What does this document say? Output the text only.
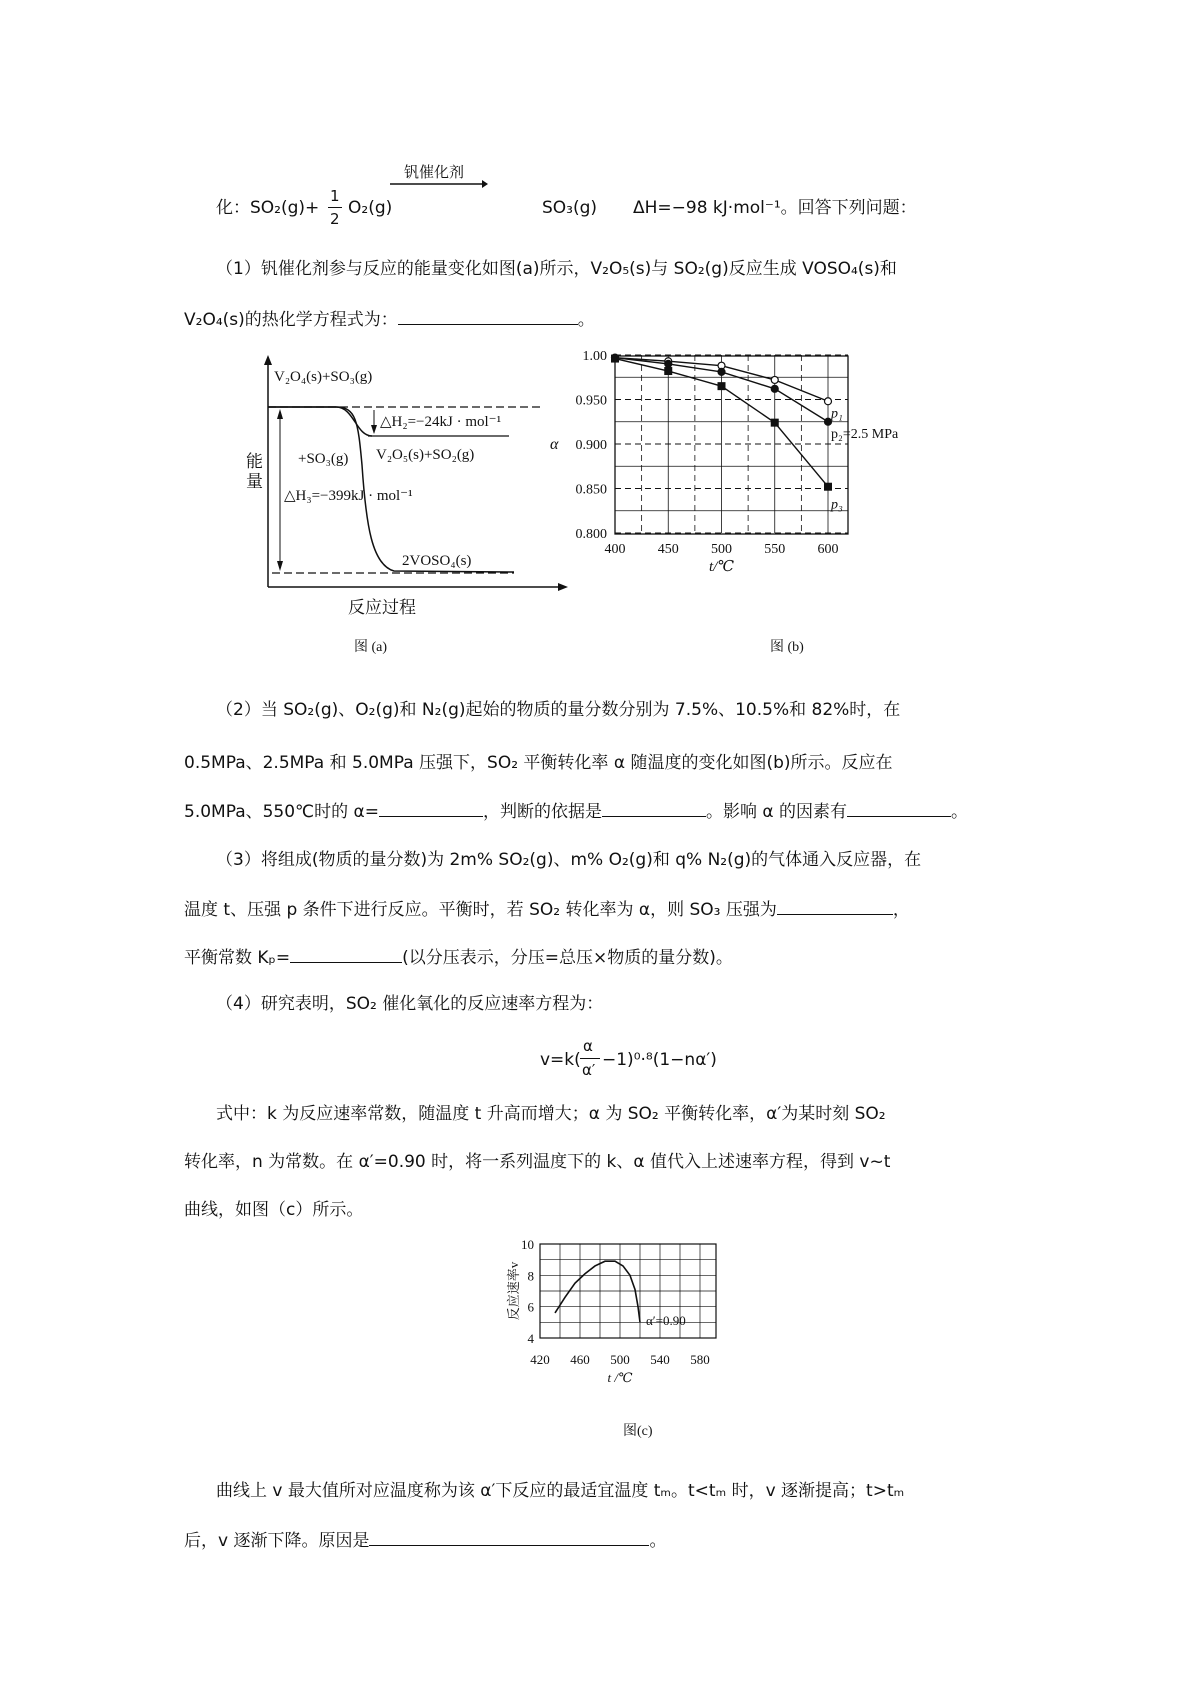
钒催化剂
化：SO₂(g)+
1
2
O₂(g)	SO₃(g) ΔH=−98 kJ·mol⁻¹。回答下列问题：
（1）钒催化剂参与反应的能量变化如图(a)所示，V₂O₅(s)与 SO₂(g)反应生成 VOSO₄(s)和
V₂O₄(s)的热化学方程式为：	。
V₂O₄(s)+SO₃(g)
△H₂=−24kJ · mol⁻¹
V₂O₅(s)+SO₂(g)
+SO₃(g)
△H₃=−399kJ · mol⁻¹
2VOSO₄(s)
反应过程
能量
图 (a)
0.800
0.850
0.900
0.950
1.00
400 450 500 550 600
t/℃
α
p₁
p₂=2.5 MPa
p₃
图 (b)
（2）当 SO₂(g)、O₂(g)和 N₂(g)起始的物质的量分数分别为 7.5%、10.5%和 82%时，在
0.5MPa、2.5MPa 和 5.0MPa 压强下，SO₂ 平衡转化率 α 随温度的变化如图(b)所示。反应在
5.0MPa、550℃时的 α=	，判断的依据是	。影响 α 的因素有	。
（3）将组成(物质的量分数)为 2m% SO₂(g)、m% O₂(g)和 q% N₂(g)的气体通入反应器，在
温度 t、压强 p 条件下进行反应。平衡时，若 SO₂ 转化率为 α，则 SO₃ 压强为	，
平衡常数 Kₚ=	(以分压表示，分压=总压×物质的量分数)。
（4）研究表明，SO₂ 催化氧化的反应速率方程为：
v=k(
α
α′ −1)⁰·⁸(1−nα′)
式中：k 为反应速率常数，随温度 t 升高而增大；α 为 SO₂ 平衡转化率，α′为某时刻 SO₂
转化率，n 为常数。在 α′=0.90 时，将一系列温度下的 k、α 值代入上述速率方程，得到 v~t
曲线，如图（c）所示。
4
6
8
10
420 460 500 540 580
t /℃
反应速率v
α′=0.90
图(c)
曲线上 v 最大值所对应温度称为该 α′下反应的最适宜温度 tₘ。t<tₘ 时，v 逐渐提高；t>tₘ
后，v 逐渐下降。原因是	。
